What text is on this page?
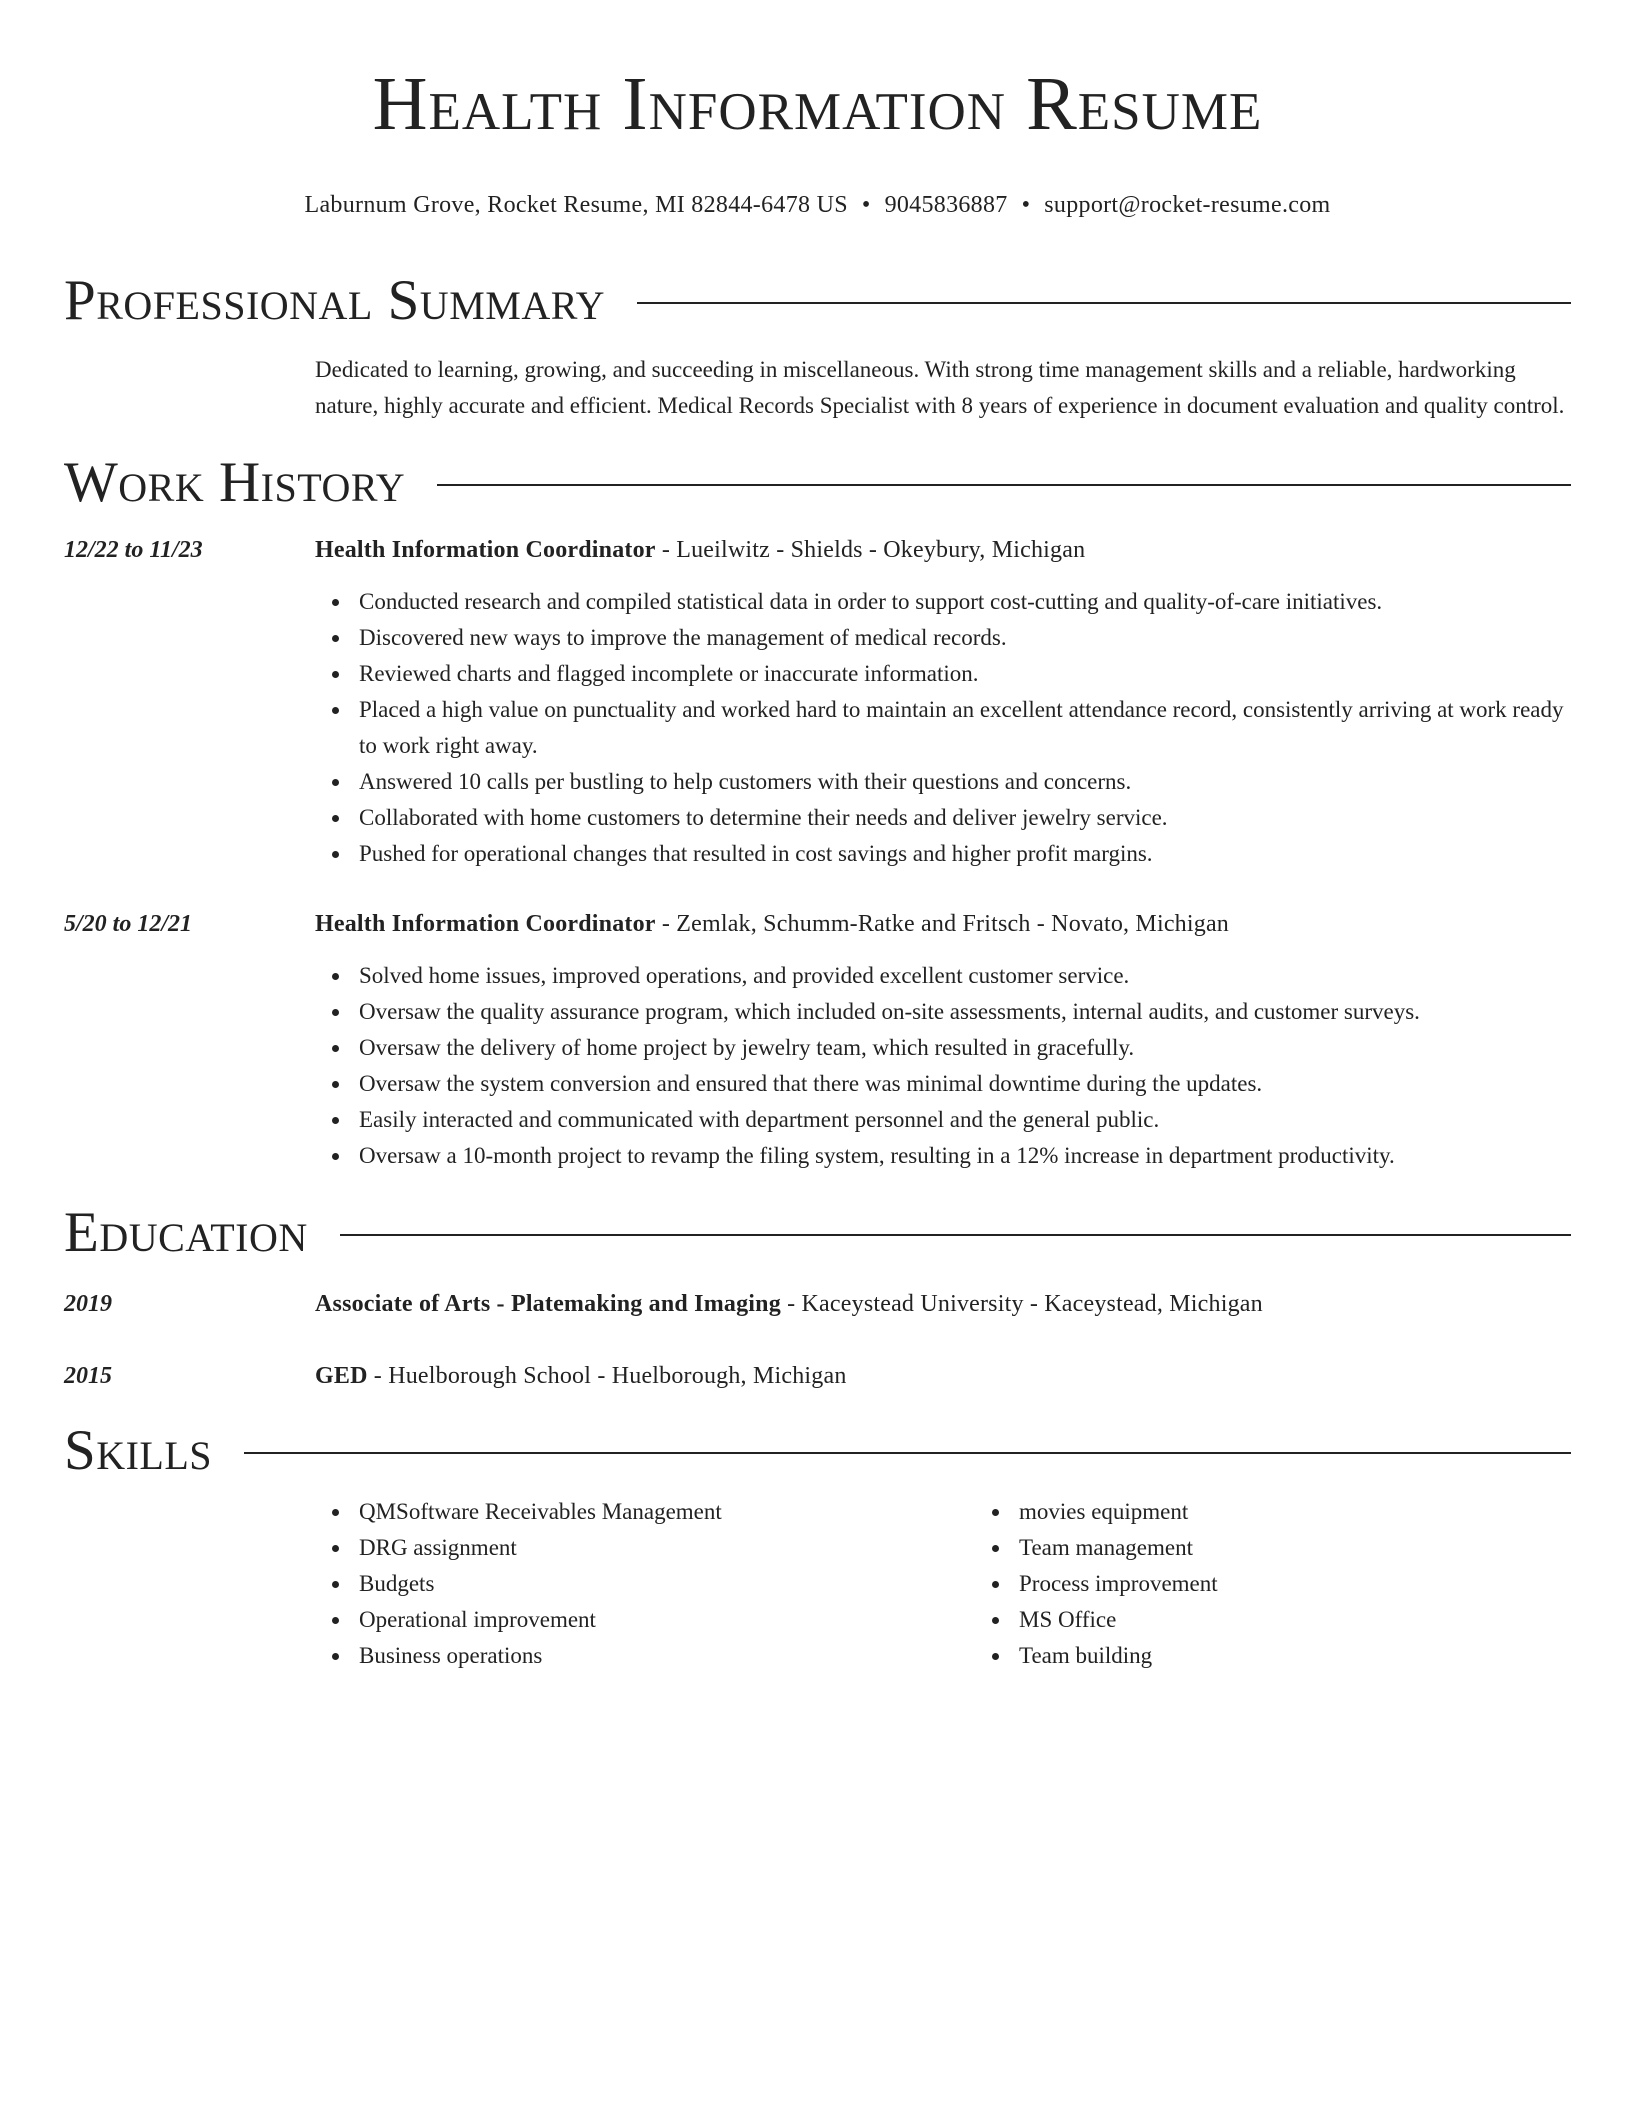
Health Information Resume
Laburnum Grove, Rocket Resume, MI 82844-6478 US • 9045836887 • support@rocket-resume.com
Professional Summary
Dedicated to learning, growing, and succeeding in miscellaneous. With strong time management skills and a reliable, hardworking nature, highly accurate and efficient. Medical Records Specialist with 8 years of experience in document evaluation and quality control.
Work History
12/22 to 11/23	Health Information Coordinator - Lueilwitz - Shields - Okeybury, Michigan
Conducted research and compiled statistical data in order to support cost-cutting and quality-of-care initiatives.
Discovered new ways to improve the management of medical records.
Reviewed charts and flagged incomplete or inaccurate information.
Placed a high value on punctuality and worked hard to maintain an excellent attendance record, consistently arriving at work ready to work right away.
Answered 10 calls per bustling to help customers with their questions and concerns.
Collaborated with home customers to determine their needs and deliver jewelry service.
Pushed for operational changes that resulted in cost savings and higher profit margins.
5/20 to 12/21	Health Information Coordinator - Zemlak, Schumm-Ratke and Fritsch - Novato, Michigan
Solved home issues, improved operations, and provided excellent customer service.
Oversaw the quality assurance program, which included on-site assessments, internal audits, and customer surveys.
Oversaw the delivery of home project by jewelry team, which resulted in gracefully.
Oversaw the system conversion and ensured that there was minimal downtime during the updates.
Easily interacted and communicated with department personnel and the general public.
Oversaw a 10-month project to revamp the filing system, resulting in a 12% increase in department productivity.
Education
2019	Associate of Arts - Platemaking and Imaging - Kaceystead University - Kaceystead, Michigan
2015	GED - Huelborough School - Huelborough, Michigan
Skills
QMSoftware Receivables Management
DRG assignment
Budgets
Operational improvement
Business operations
movies equipment
Team management
Process improvement
MS Office
Team building
